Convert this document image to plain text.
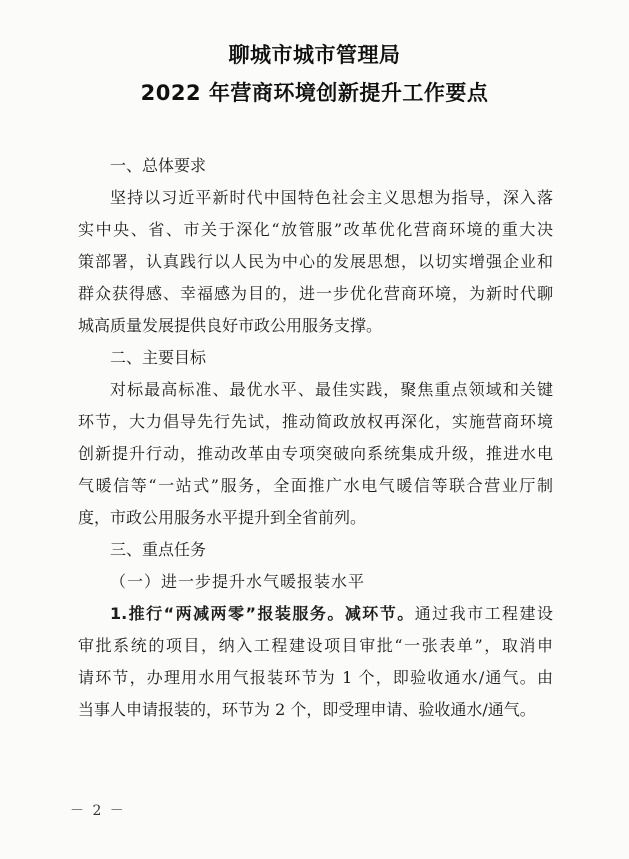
聊城市城市管理局
2022 年营商环境创新提升工作要点
一、总体要求
坚持以习近平新时代中国特色社会主义思想为指导，深入落
实中央、省、市关于深化“放管服”改革优化营商环境的重大决
策部署，认真践行以人民为中心的发展思想，以切实增强企业和
群众获得感、幸福感为目的，进一步优化营商环境，为新时代聊
城高质量发展提供良好市政公用服务支撑。
二、主要目标
对标最高标准、最优水平、最佳实践，聚焦重点领域和关键
环节，大力倡导先行先试，推动简政放权再深化，实施营商环境
创新提升行动，推动改革由专项突破向系统集成升级，推进水电
气暖信等“一站式”服务，全面推广水电气暖信等联合营业厅制
度，市政公用服务水平提升到全省前列。
三、重点任务
（一）进一步提升水气暖报装水平
1.推行“两减两零”报装服务。减环节。通过我市工程建设
审批系统的项目，纳入工程建设项目审批“一张表单”，取消申
请环节，办理用水用气报装环节为 1 个，即验收通水/通气。由
当事人申请报装的，环节为 2 个，即受理申请、验收通水/通气。
－ 2 －
